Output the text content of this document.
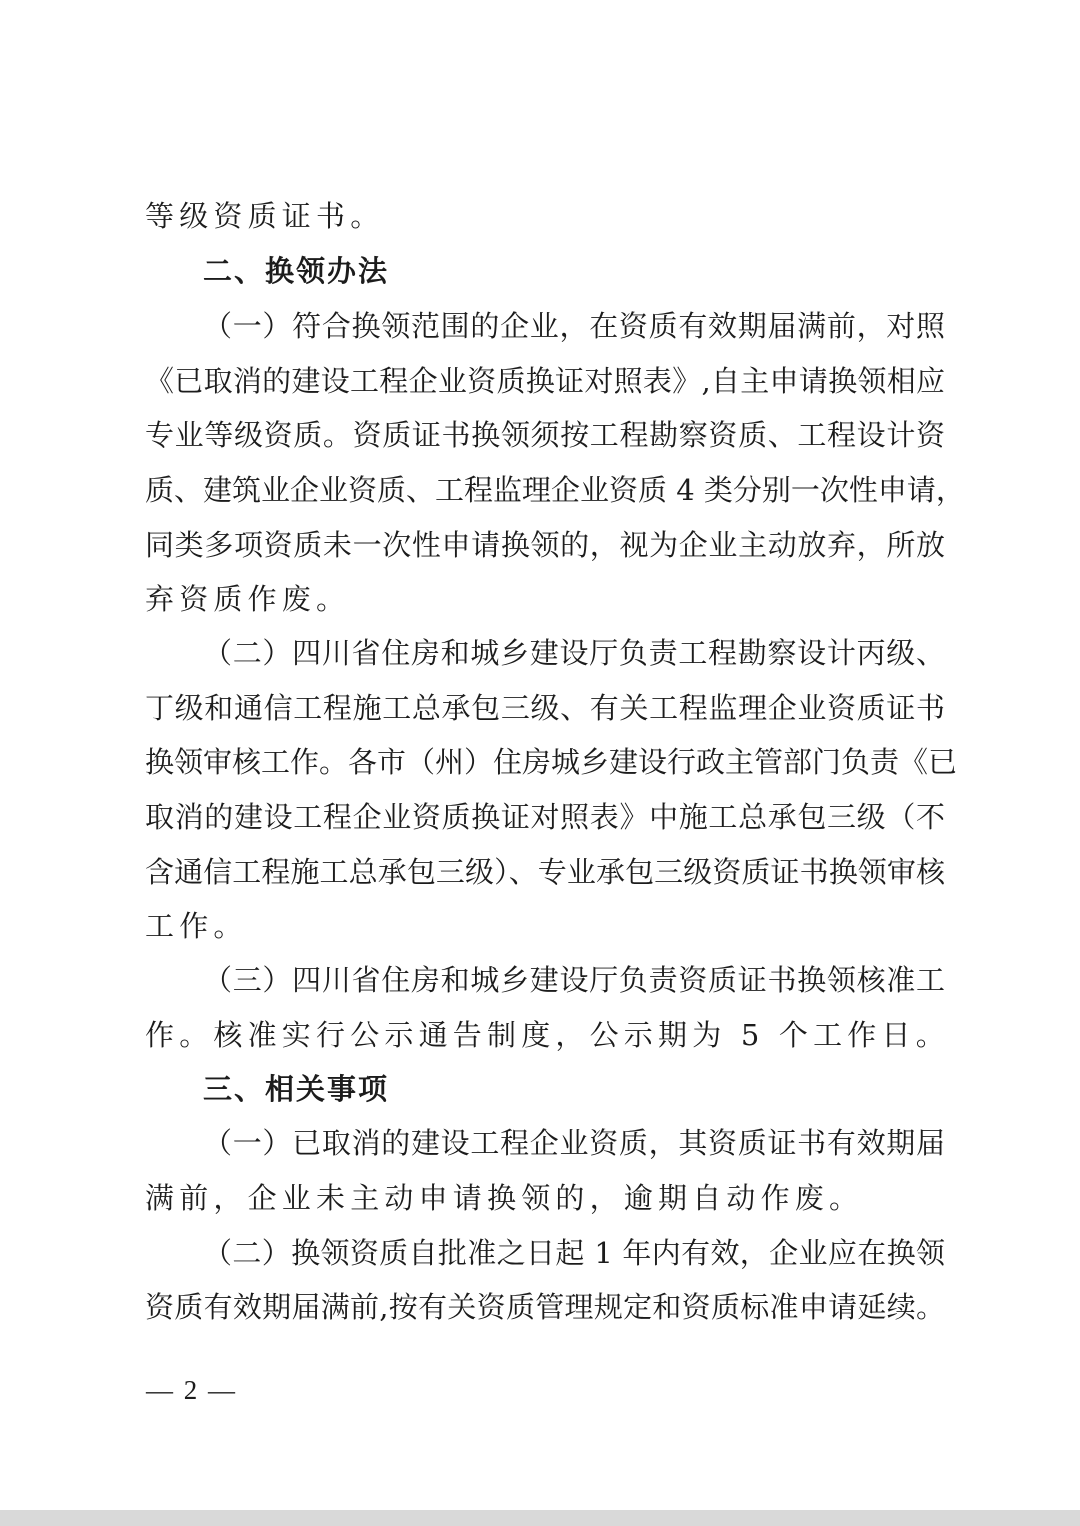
等级资质证书。
二、换领办法
（一）符合换领范围的企业，在资质有效期届满前，对照
《已取消的建设工程企业资质换证对照表》,自主申请换领相应
专业等级资质。资质证书换领须按工程勘察资质、工程设计资
质、建筑业企业资质、工程监理企业资质 4 类分别一次性申请，
同类多项资质未一次性申请换领的，视为企业主动放弃，所放
弃资质作废。
（二）四川省住房和城乡建设厅负责工程勘察设计丙级、
丁级和通信工程施工总承包三级、有关工程监理企业资质证书
换领审核工作。各市（州）住房城乡建设行政主管部门负责《已
取消的建设工程企业资质换证对照表》中施工总承包三级（不
含通信工程施工总承包三级）、专业承包三级资质证书换领审核
工作。
（三）四川省住房和城乡建设厅负责资质证书换领核准工
作。核准实行公示通告制度，公示期为 5 个工作日。
三、相关事项
（一）已取消的建设工程企业资质，其资质证书有效期届
满前，企业未主动申请换领的，逾期自动作废。
（二）换领资质自批准之日起 1 年内有效，企业应在换领
资质有效期届满前,按有关资质管理规定和资质标准申请延续。
— 2 —
